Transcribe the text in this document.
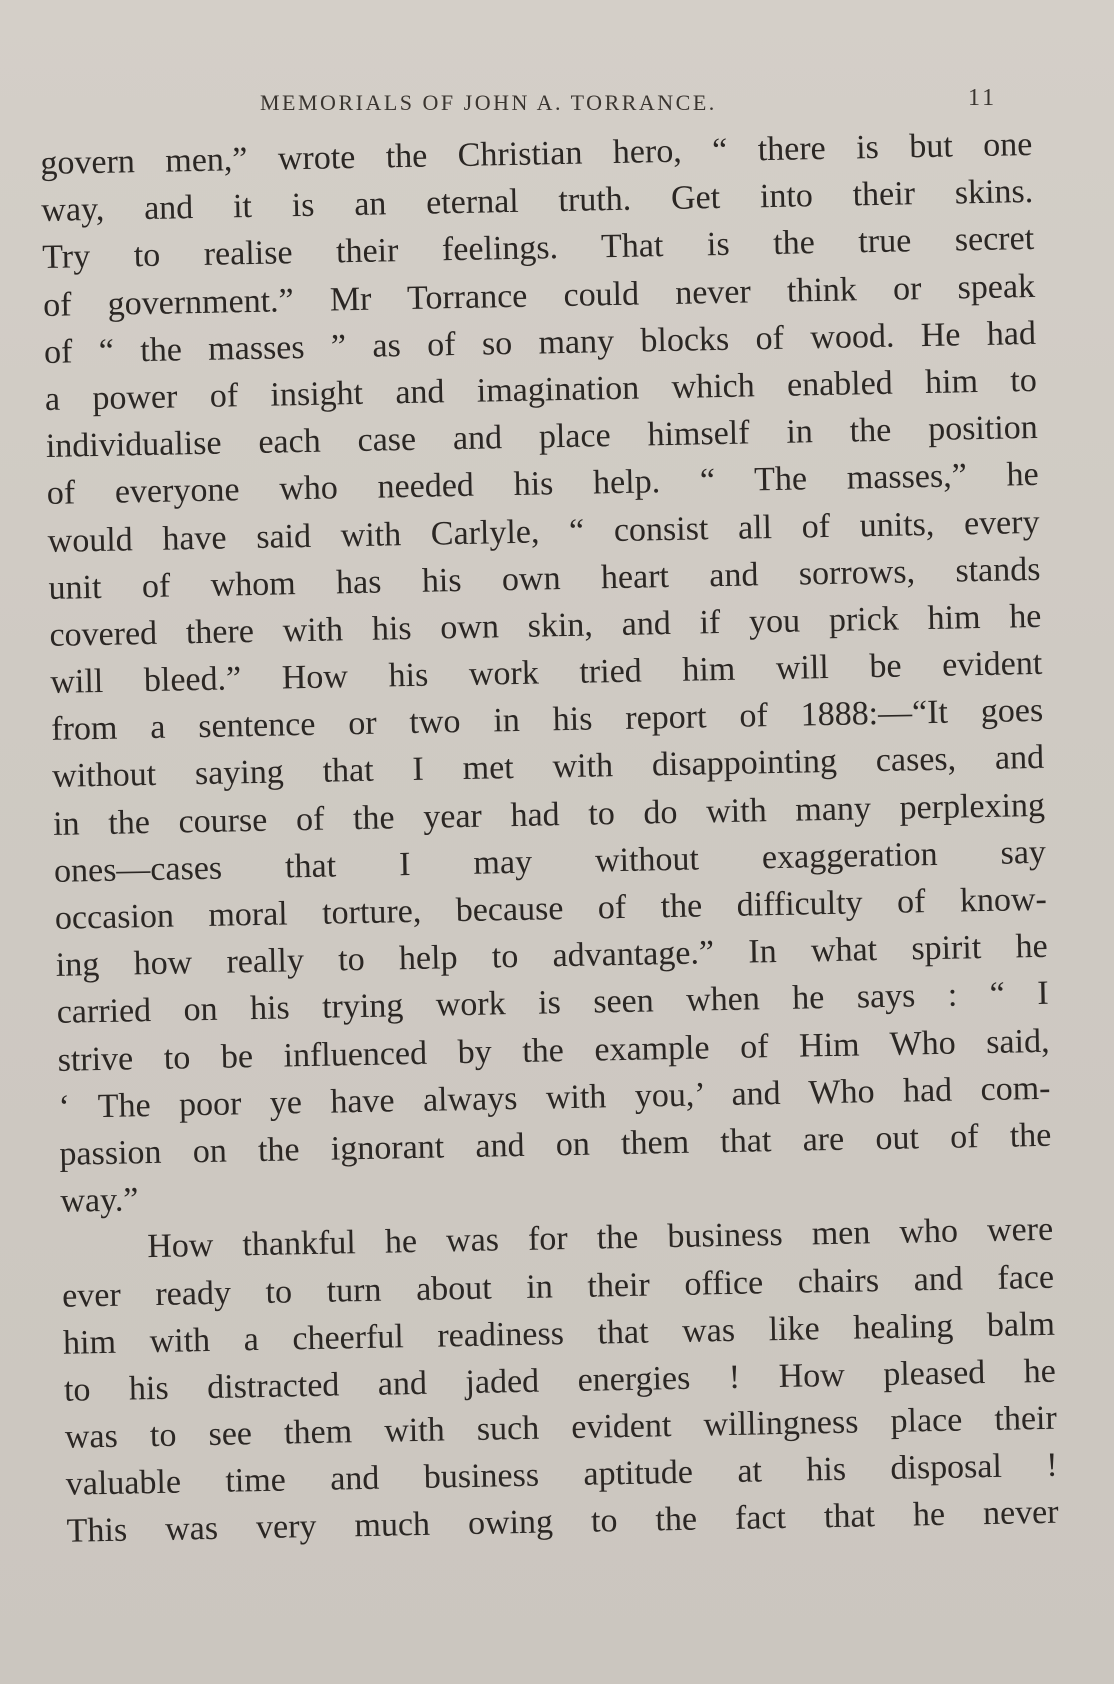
MEMORIALS OF JOHN A. TORRANCE.	11
govern men,” wrote the Christian hero, “ there is but one
way, and it is an eternal truth. Get into their skins.
Try to realise their feelings. That is the true secret
of government.” Mr Torrance could never think or speak
of “ the masses ” as of so many blocks of wood. He had
a power of insight and imagination which enabled him to
individualise each case and place himself in the position
of everyone who needed his help. “ The masses,” he
would have said with Carlyle, “ consist all of units, every
unit of whom has his own heart and sorrows, stands
covered there with his own skin, and if you prick him he
will bleed.” How his work tried him will be evident
from a sentence or two in his report of 1888:—“It goes
without saying that I met with disappointing cases, and
in the course of the year had to do with many perplexing
ones—cases that I may without exaggeration say
occasion moral torture, because of the difficulty of know-
ing how really to help to advantage.” In what spirit he
carried on his trying work is seen when he says : “ I
strive to be influenced by the example of Him Who said,
‘ The poor ye have always with you,’ and Who had com-
passion on the ignorant and on them that are out of the
way.”
How thankful he was for the business men who were
ever ready to turn about in their office chairs and face
him with a cheerful readiness that was like healing balm
to his distracted and jaded energies ! How pleased he
was to see them with such evident willingness place their
valuable time and business aptitude at his disposal !
This was very much owing to the fact that he never
